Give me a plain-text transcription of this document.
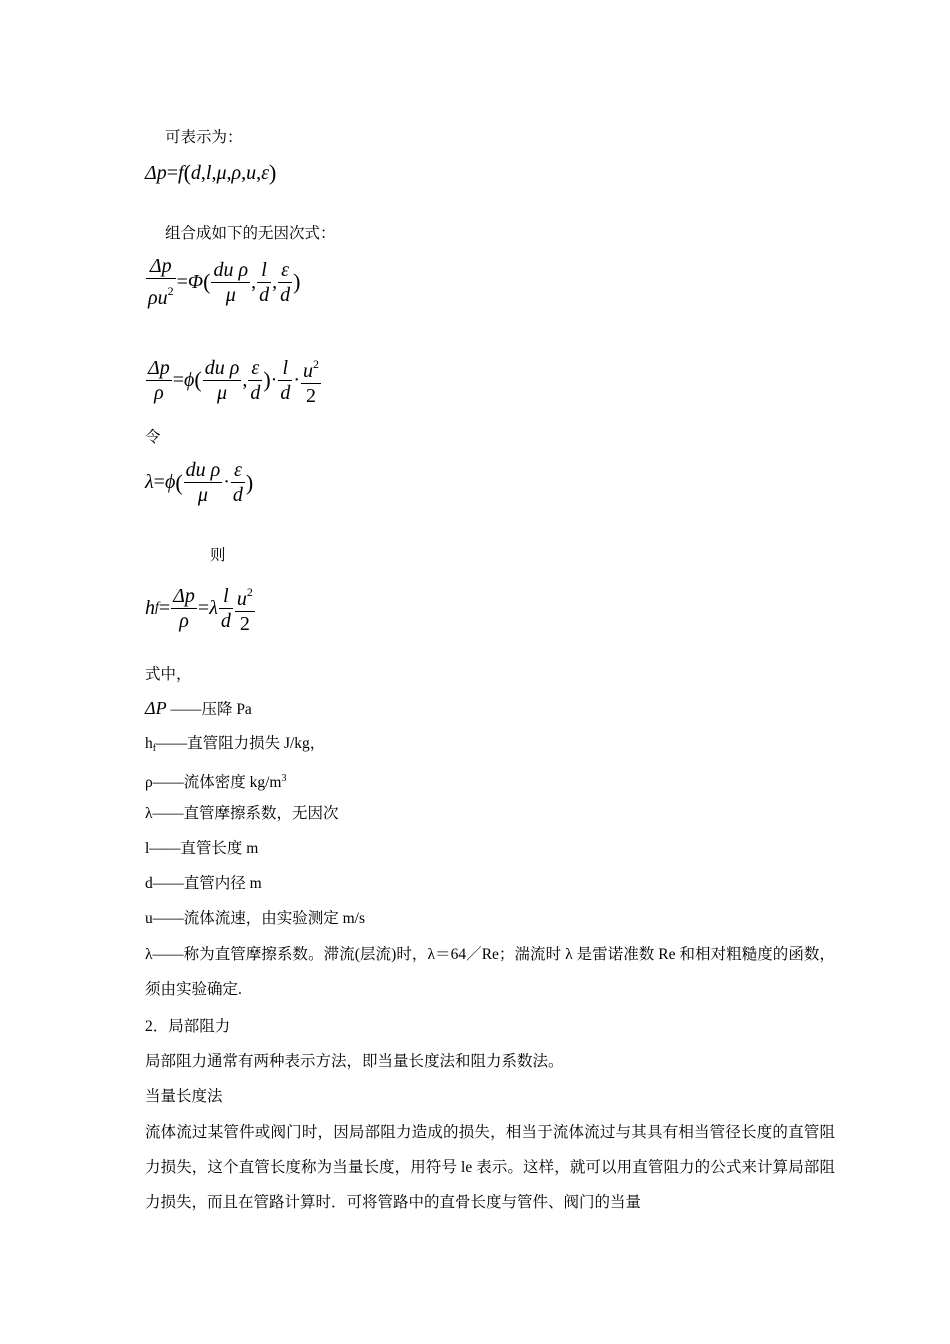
可表示为：
Δp = f ( d , l , μ , ρ , u , ε )
组合成如下的无因次式：
$\frac{\Delta p}{\rho u^2} = \Phi$ ( $\frac{\text{du ρ}}{\mu}$ , $\frac{l}{d}$ , $\frac{\varepsilon}{d}$ )
$\frac{\Delta p}{\rho} = \phi$ ( $\frac{\text{du ρ}}{\mu}$ , $\frac{\varepsilon}{d}$ ) · $\frac{l}{d} \cdot \frac{u^2}{2}$
令
λ = ϕ ( $\frac{\text{du ρ}}{\mu} \cdot \frac{\varepsilon}{d}$ )
则
h $f = \frac{\Delta p}{\rho} = \lambda \frac{l}{d} \frac{u^2}{2}$
式中，
ΔP ——压降 Pa
$h_f——$直管阻力损失 J/kg，
ρ——流体密度 $kg/m^3$
λ——直管摩擦系数，无因次
l——直管长度 m
d——直管内径 m
u——流体流速，由实验测定 m/s
λ——称为直管摩擦系数。滞流(层流)时，λ＝64／Re；湍流时 λ 是雷诺准数 Re 和相对粗糙度的函数，须由实验确定.
2．局部阻力
局部阻力通常有两种表示方法，即当量长度法和阻力系数法。
当量长度法
流体流过某管件或阀门时，因局部阻力造成的损失，相当于流体流过与其具有相当管径长度的直管阻力损失，这个直管长度称为当量长度，用符号 le 表示。这样，就可以用直管阻力的公式来计算局部阻力损失，而且在管路计算时．可将管路中的直骨长度与管件、阀门的当量
